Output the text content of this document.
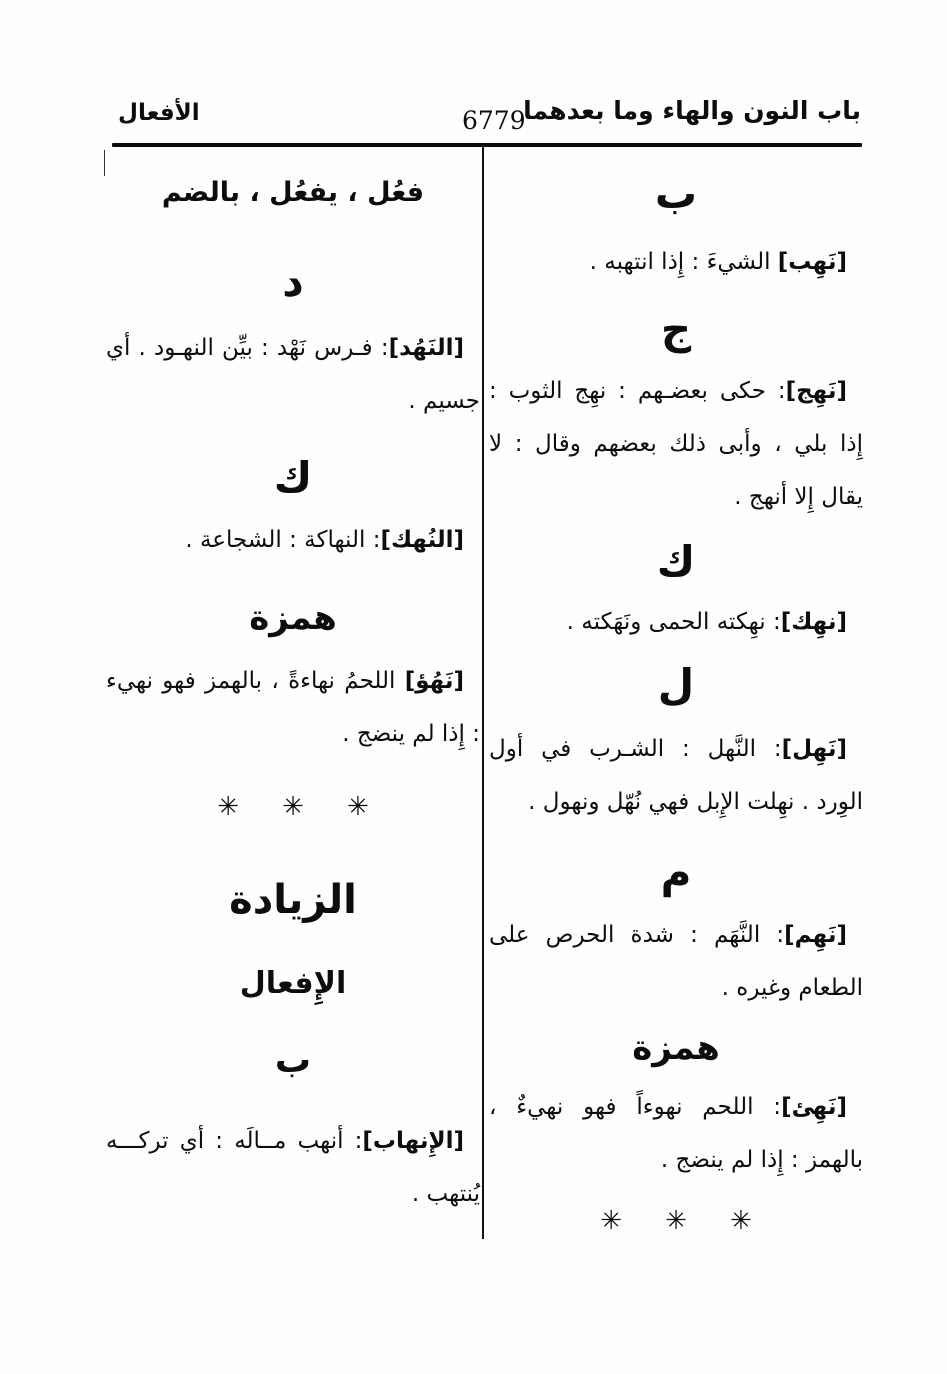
باب النون والهاء وما بعدهما
6779
الأفعال
ب

[نَهِب] الشيءَ : إِذا انتهبه .

ج

[نَهِج]: حكى بعضـهم : نهِج الثوب : إِذا بلي ، وأبى ذلك بعضهم وقال : لا يقال إِلا أنهج .

ك

[نهِك]: نهِكته الحمى ونَهَكته .

ل

[نَهِل]: النَّهل : الشـرب في أول الوِرد . نهِلت الإِبل فهي نُهّل ونهول .

م

[نَهِم]: النَّهَم : شدة الحرص على الطعام وغيره .

همزة

[نَهِئ]: اللحم نهوءاً فهو نهيءٌ ، بالهمز : إِذا لم ينضج .

✳ ✳ ✳

فعُل ، يفعُل ، بالضم
د

[النَهُد]: فـرس نَهْد : بيِّن النهـود . أي جسيم .

ك

[النُهك]: النهاكة : الشجاعة .

همزة

[نَهُؤ] اللحمُ نهاءةً ، بالهمز فهو نهيء : إِذا لم ينضج .

✳ ✳ ✳

الزيادة
الإِفعال
ب

[الإِنهاب]: أنهب مــالَه : أي تركـــه يُنتهب .
